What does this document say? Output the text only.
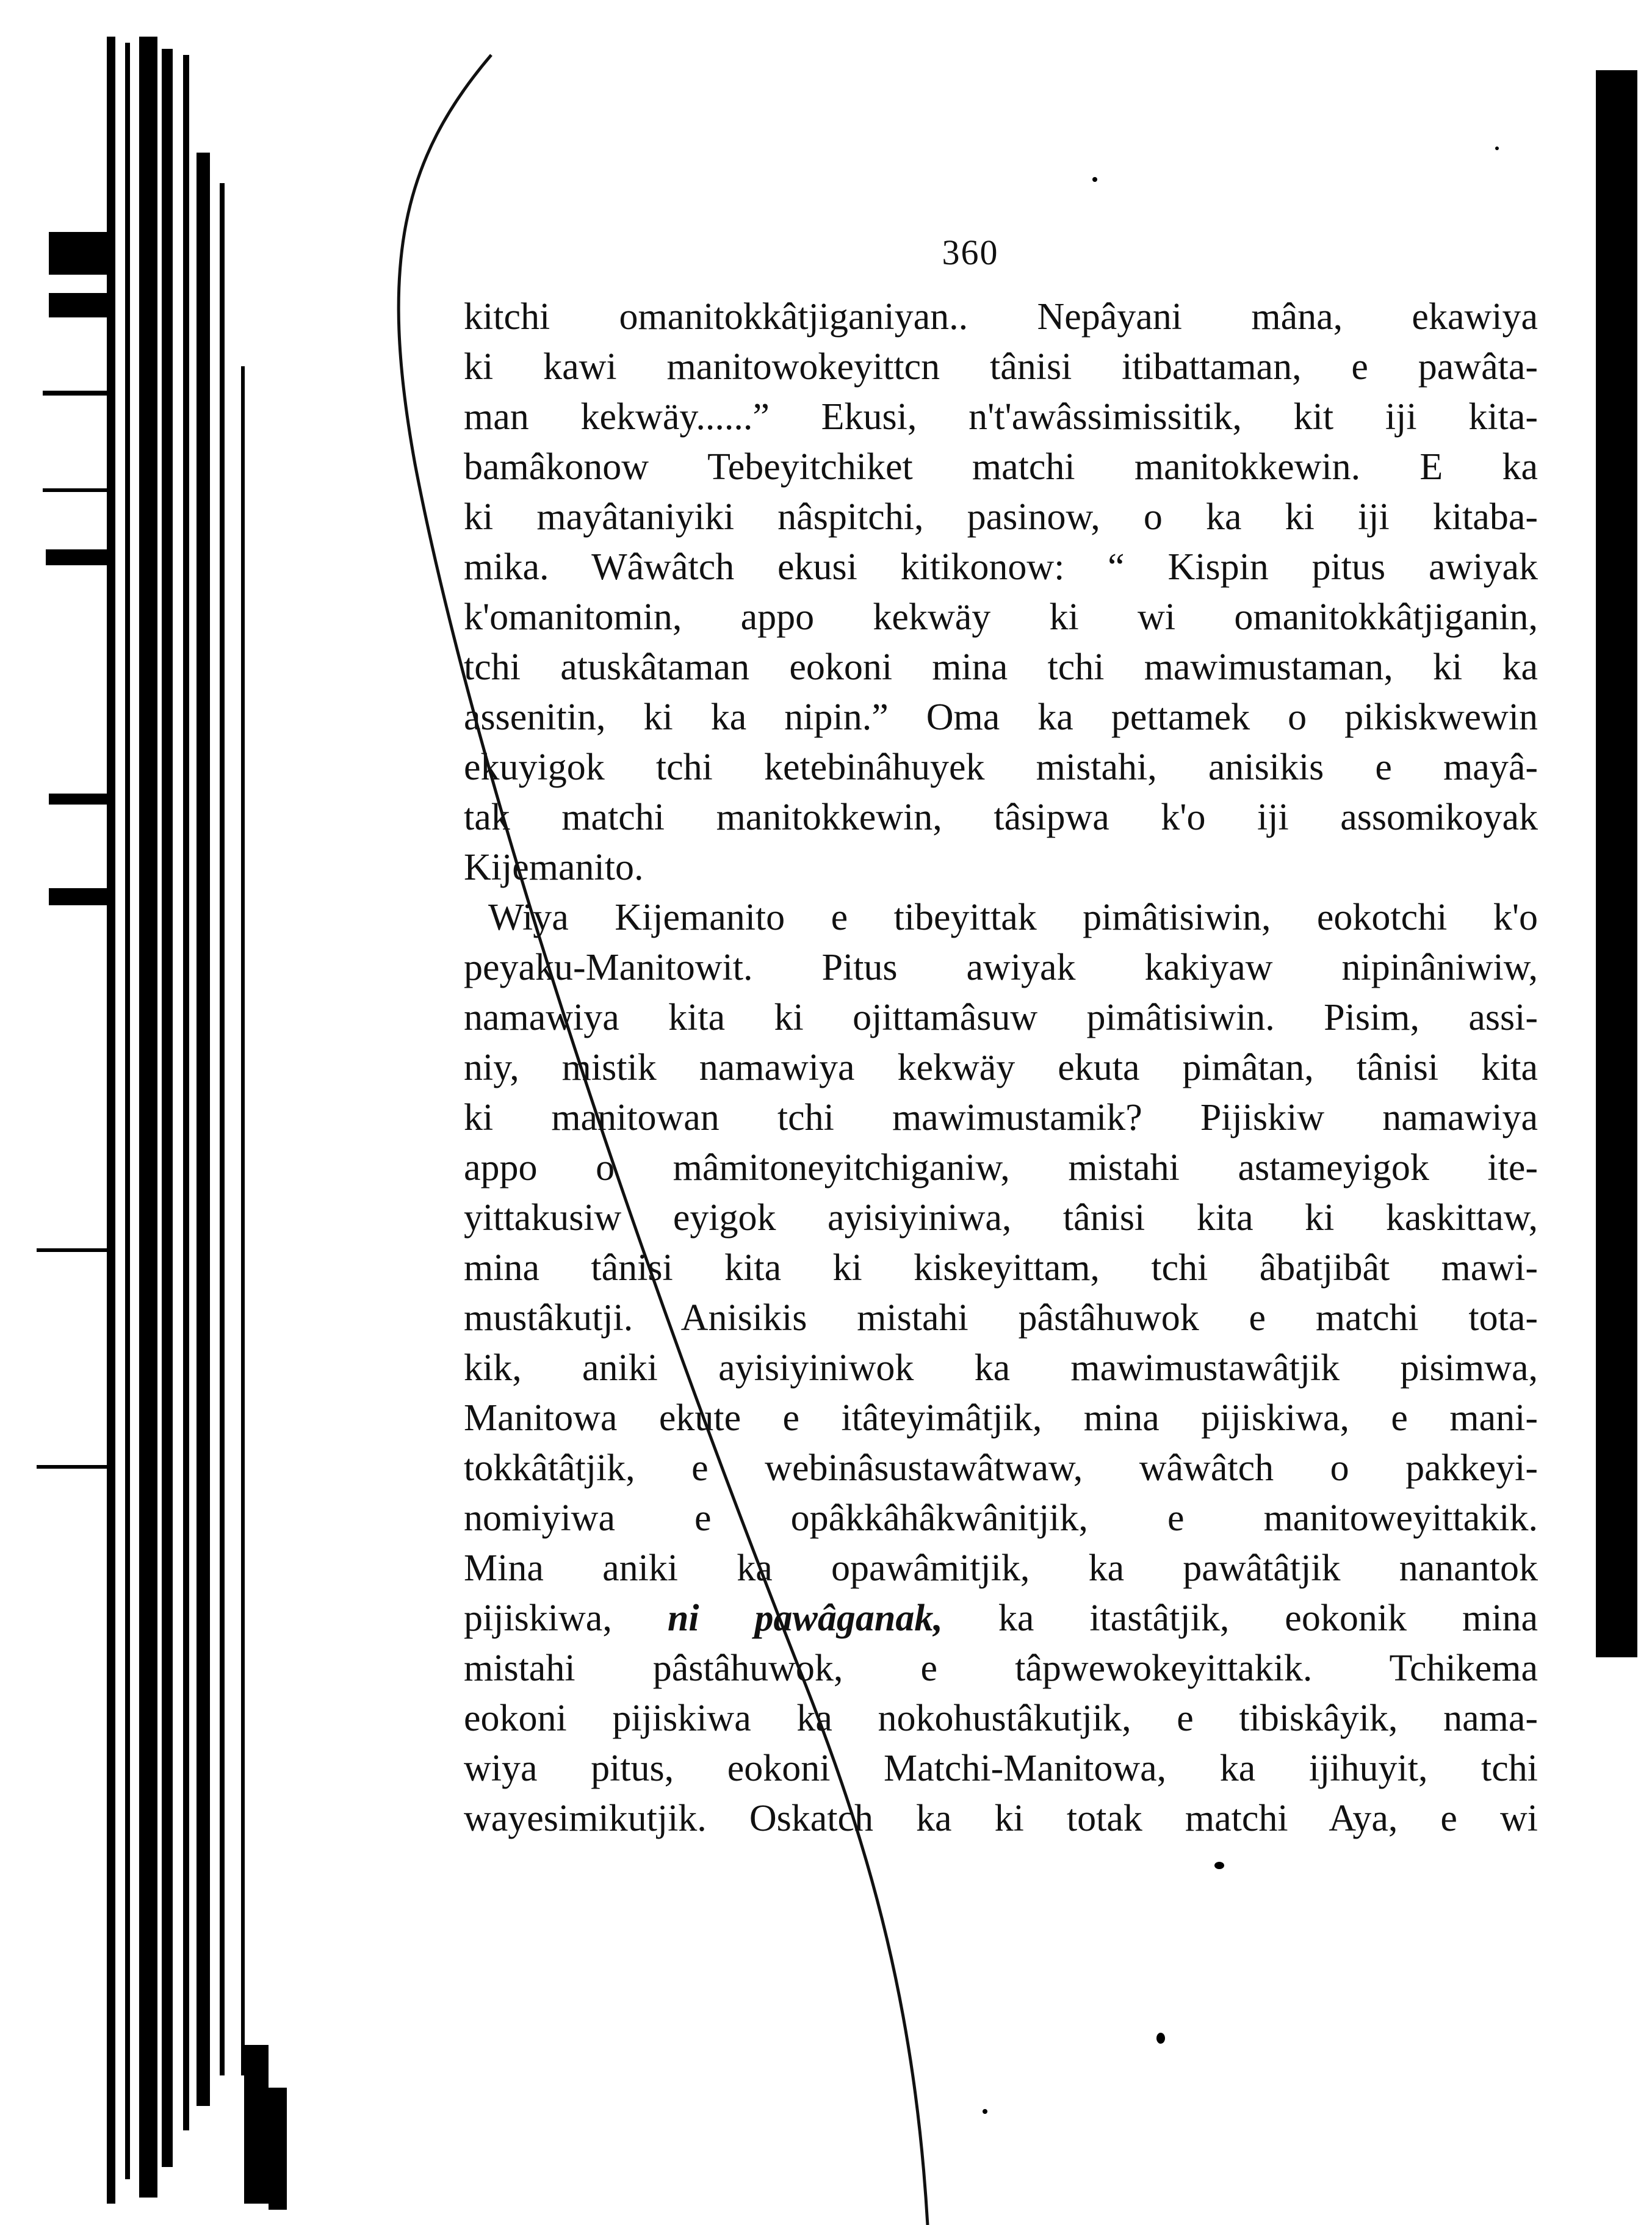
360
kitchi omanitokkâtjiganiyan.. Nepâyani mâna, ekawiya
ki kawi manitowokeyittcn tânisi itibattaman, e pawâta-
man kekwäy......” Ekusi, n't'awâssimissitik, kit iji kita-
bamâkonow Tebeyitchiket matchi manitokkewin. E ka
ki mayâtaniyiki nâspitchi, pasinow, o ka ki iji kitaba-
mika. Wâwâtch ekusi kitikonow: “ Kispin pitus awiyak
k'omanitomin, appo kekwäy ki wi omanitokkâtjiganin,
tchi atuskâtaman eokoni mina tchi mawimustaman, ki ka
assenitin, ki ka nipin.” Oma ka pettamek o pikiskwewin
ekuyigok tchi ketebinâhuyek mistahi, anisikis e mayâ-
tak matchi manitokkewin, tâsipwa k'o iji assomikoyak
Kijemanito.
Wiya Kijemanito e tibeyittak pimâtisiwin, eokotchi k'o
peyaku-Manitowit. Pitus awiyak kakiyaw nipinâniwiw,
namawiya kita ki ojittamâsuw pimâtisiwin. Pisim, assi-
niy, mistik namawiya kekwäy ekuta pimâtan, tânisi kita
ki manitowan tchi mawimustamik? Pijiskiw namawiya
appo o mâmitoneyitchiganiw, mistahi astameyigok ite-
yittakusiw eyigok ayisiyiniwa, tânisi kita ki kaskittaw,
mina tânisi kita ki kiskeyittam, tchi âbatjibât mawi-
mustâkutji. Anisikis mistahi pâstâhuwok e matchi tota-
kik, aniki ayisiyiniwok ka mawimustawâtjik pisimwa,
Manitowa ekute e itâteyimâtjik, mina pijiskiwa, e mani-
tokkâtâtjik, e webinâsustawâtwaw, wâwâtch o pakkeyi-
nomiyiwa e opâkkâhâkwânitjik, e manitoweyittakik.
Mina aniki ka opawâmitjik, ka pawâtâtjik nanantok
pijiskiwa, ni pawâganak, ka itastâtjik, eokonik mina
mistahi pâstâhuwok, e tâpwewokeyittakik. Tchikema
eokoni pijiskiwa ka nokohustâkutjik, e tibiskâyik, nama-
wiya pitus, eokoni Matchi-Manitowa, ka ijihuyit, tchi
wayesimikutjik. Oskatch ka ki totak matchi Aya, e wi
